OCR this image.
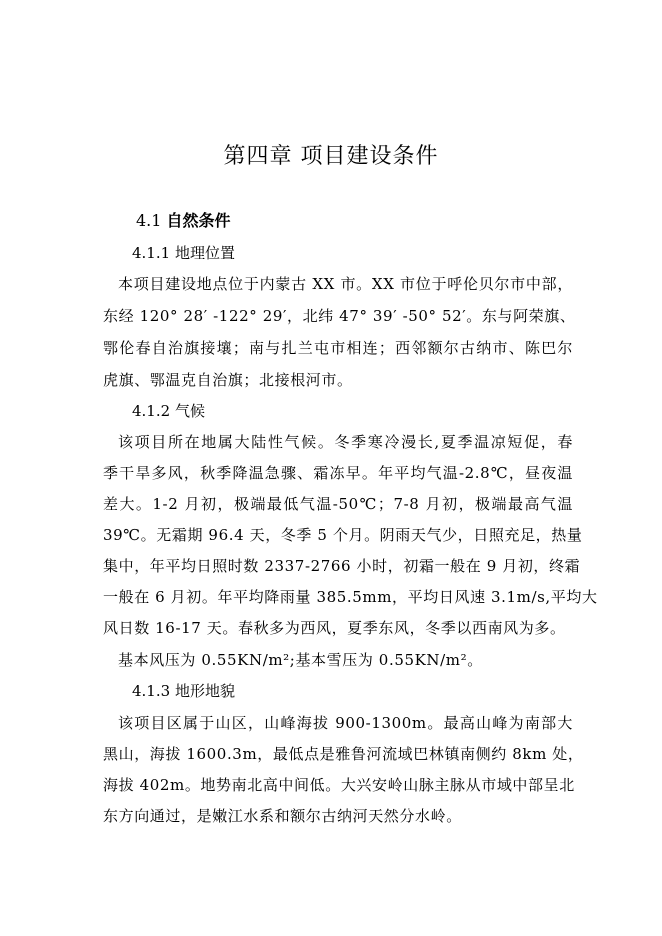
第四章 项目建设条件
4.1 自然条件
4.1.1 地理位置
本项目建设地点位于内蒙古 XX 市。XX 市位于呼伦贝尔市中部，
东经 120° 28′ -122° 29′，北纬 47° 39′ -50° 52′。东与阿荣旗、
鄂伦春自治旗接壤；南与扎兰屯市相连；西邻额尔古纳市、陈巴尔
虎旗、鄂温克自治旗；北接根河市。
4.1.2 气候
该项目所在地属大陆性气候。冬季寒冷漫长,夏季温凉短促，春
季干旱多风，秋季降温急骤、霜冻早。年平均气温-2.8℃，昼夜温
差大。1-2 月初，极端最低气温-50℃；7-8 月初，极端最高气温
39℃。无霜期 96.4 天，冬季 5 个月。阴雨天气少，日照充足，热量
集中，年平均日照时数 2337-2766 小时，初霜一般在 9 月初，终霜
一般在 6 月初。年平均降雨量 385.5mm，平均日风速 3.1m/s,平均大
风日数 16-17 天。春秋多为西风，夏季东风，冬季以西南风为多。
基本风压为 0.55KN/m²;基本雪压为 0.55KN/m²。
4.1.3 地形地貌
该项目区属于山区，山峰海拔 900-1300m。最高山峰为南部大
黑山，海拔 1600.3m，最低点是雅鲁河流域巴林镇南侧约 8km 处，
海拔 402m。地势南北高中间低。大兴安岭山脉主脉从市域中部呈北
东方向通过，是嫩江水系和额尔古纳河天然分水岭。
